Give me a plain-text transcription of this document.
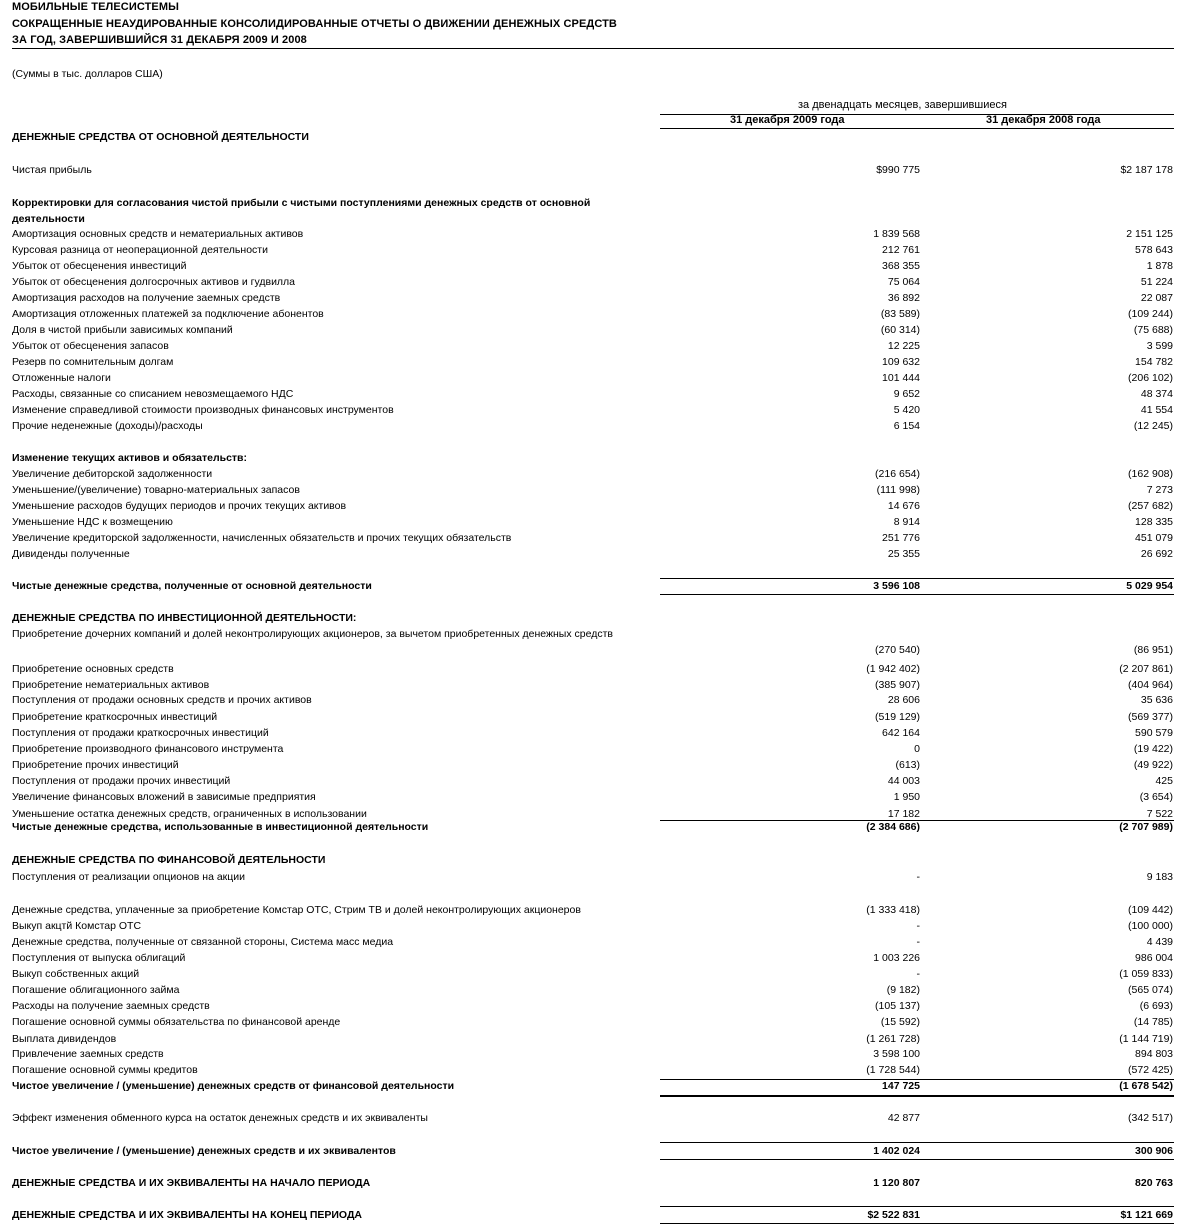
МОБИЛЬНЫЕ ТЕЛЕСИСТЕМЫ
СОКРАЩЕННЫЕ НЕАУДИРОВАННЫЕ КОНСОЛИДИРОВАННЫЕ ОТЧЕТЫ О ДВИЖЕНИИ ДЕНЕЖНЫХ СРЕДСТВ
ЗА ГОД, ЗАВЕРШИВШИЙСЯ 31 ДЕКАБРЯ 2009 И 2008
(Суммы в тыс. долларов США)
за двенадцать месяцев, завершившиеся
31 декабря 2009 года	31 декабря 2008 года
ДЕНЕЖНЫЕ СРЕДСТВА ОТ ОСНОВНОЙ ДЕЯТЕЛЬНОСТИ
Чистая прибыль	$990 775	$2 187 178
Корректировки для согласования чистой прибыли с чистыми поступлениями денежных средств от основной деятельности
Амортизация основных средств и нематериальных активов	1 839 568	2 151 125
Курсовая разница от неоперационной деятельности	212 761	578 643
Убыток от обесценения инвестиций	368 355	1 878
Убыток от обесценения долгосрочных активов и гудвилла	75 064	51 224
Амортизация расходов на получение заемных средств	36 892	22 087
Амортизация отложенных платежей за подключение абонентов	(83 589)	(109 244)
Доля в чистой прибыли зависимых компаний	(60 314)	(75 688)
Убыток от обесценения запасов	12 225	3 599
Резерв по сомнительным долгам	109 632	154 782
Отложенные налоги	101 444	(206 102)
Расходы, связанные со списанием невозмещаемого НДС	9 652	48 374
Изменение справедливой стоимости производных финансовых инструментов	5 420	41 554
Прочие неденежные (доходы)/расходы	6 154	(12 245)
Изменение текущих активов и обязательств:
Увеличение дебиторской задолженности	(216 654)	(162 908)
Уменьшение/(увеличение) товарно-материальных запасов	(111 998)	7 273
Уменьшение расходов будущих периодов и прочих текущих активов	14 676	(257 682)
Уменьшение НДС к возмещению	8 914	128 335
Увеличение кредиторской задолженности, начисленных обязательств и прочих текущих обязательств	251 776	451 079
Дивиденды полученные	25 355	26 692
Чистые денежные средства, полученные от основной деятельности	3 596 108	5 029 954
ДЕНЕЖНЫЕ СРЕДСТВА ПО ИНВЕСТИЦИОННОЙ ДЕЯТЕЛЬНОСТИ:
Приобретение дочерних компаний и долей неконтролирующих акционеров, за вычетом приобретенных денежных средств
(270 540)	(86 951)
Приобретение основных средств	(1 942 402)	(2 207 861)
Приобретение нематериальных активов	(385 907)	(404 964)
Поступления от продажи основных средств и прочих активов	28 606	35 636
Приобретение краткосрочных инвестиций	(519 129)	(569 377)
Поступления от продажи краткосрочных инвестиций	642 164	590 579
Приобретение производного финансового инструмента	0	(19 422)
Приобретение прочих инвестиций	(613)	(49 922)
Поступления от продажи прочих инвестиций	44 003	425
Увеличение финансовых вложений в зависимые предприятия	1 950	(3 654)
Уменьшение остатка денежных средств, ограниченных в использовании	17 182	7 522
Чистые денежные средства, использованные в инвестиционной деятельности	(2 384 686)	(2 707 989)
ДЕНЕЖНЫЕ СРЕДСТВА ПО ФИНАНСОВОЙ ДЕЯТЕЛЬНОСТИ
Поступления от реализации опционов на акции	-	9 183
Денежные средства, уплаченные за приобретение Комстар ОТС, Стрим ТВ и долей неконтролирующих акционеров	(1 333 418)	(109 442)
Выкуп акцтй Комстар ОТС	-	(100 000)
Денежные средства, полученные от связанной стороны, Система масс медиа	-	4 439
Поступления от выпуска облигаций	1 003 226	986 004
Выкуп собственных акций	-	(1 059 833)
Погашение облигационного займа	(9 182)	(565 074)
Расходы на получение заемных средств	(105 137)	(6 693)
Погашение основной суммы обязательства по финансовой аренде	(15 592)	(14 785)
Выплата дивидендов	(1 261 728)	(1 144 719)
Привлечение заемных средств	3 598 100	894 803
Погашение основной суммы кредитов	(1 728 544)	(572 425)
Чистое увеличение / (уменьшение) денежных средств от финансовой деятельности	147 725	(1 678 542)
Эффект изменения обменного курса на остаток денежных средств и их эквиваленты	42 877	(342 517)
Чистое увеличение / (уменьшение) денежных средств и их эквивалентов	1 402 024	300 906
ДЕНЕЖНЫЕ СРЕДСТВА И ИХ ЭКВИВАЛЕНТЫ НА НАЧАЛО ПЕРИОДА	1 120 807	820 763
ДЕНЕЖНЫЕ СРЕДСТВА И ИХ ЭКВИВАЛЕНТЫ НА КОНЕЦ ПЕРИОДА	$2 522 831	$1 121 669
